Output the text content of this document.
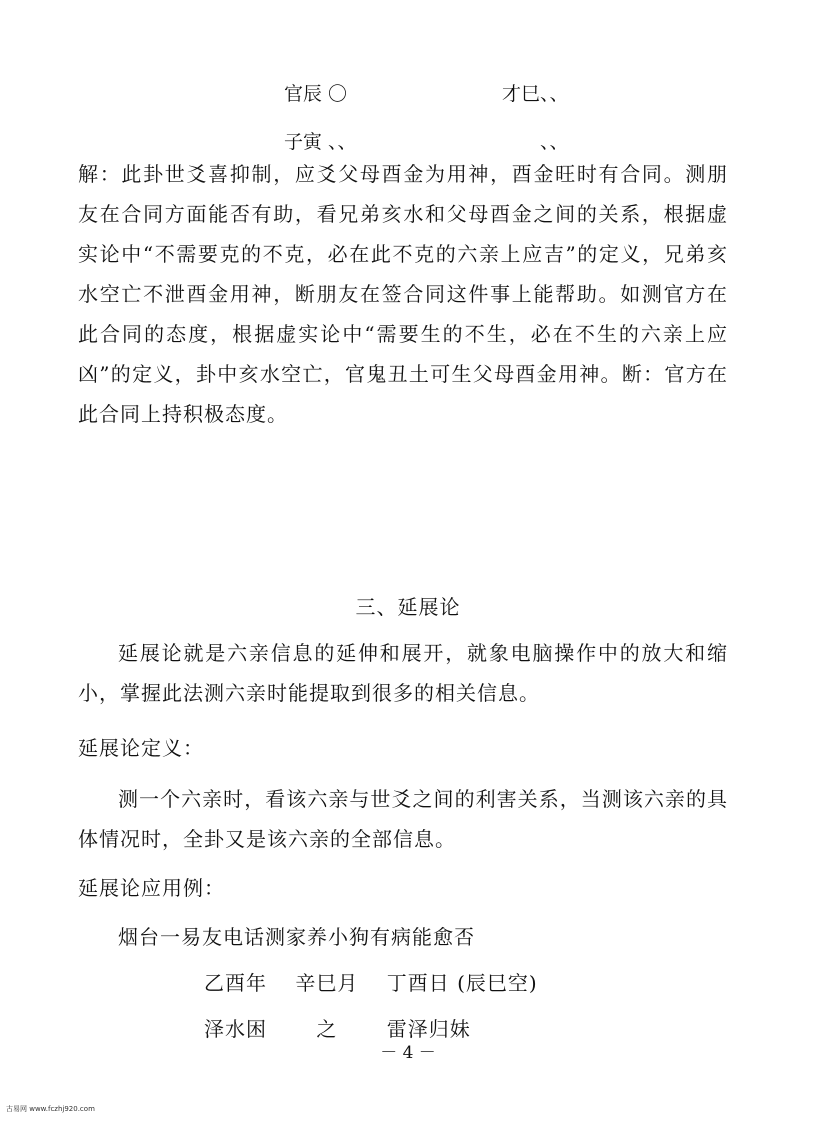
官辰 〇	才巳、、
子寅 、、	、、

解：此卦世爻喜抑制，应爻父母酉金为用神，酉金旺时有合同。测朋友在合同方面能否有助，看兄弟亥水和父母酉金之间的关系，根据虚实论中“不需要克的不克，必在此不克的六亲上应吉”的定义，兄弟亥水空亡不泄酉金用神，断朋友在签合同这件事上能帮助。如测官方在此合同的态度，根据虚实论中“需要生的不生，必在不生的六亲上应凶”的定义，卦中亥水空亡，官鬼丑土可生父母酉金用神。断：官方在此合同上持积极态度。

三、延展论

延展论就是六亲信息的延伸和展开，就象电脑操作中的放大和缩小，掌握此法测六亲时能提取到很多的相关信息。

延展论定义：

测一个六亲时，看该六亲与世爻之间的利害关系，当测该六亲的具体情况时，全卦又是该六亲的全部信息。

延展论应用例：
烟台一易友电话测家养小狗有病能愈否
乙酉年　 辛巳月　 丁酉日 (辰巳空)
泽水困　　 之　　 雷泽归妹
－ 4 －
古易网 www.fczhj920.com
